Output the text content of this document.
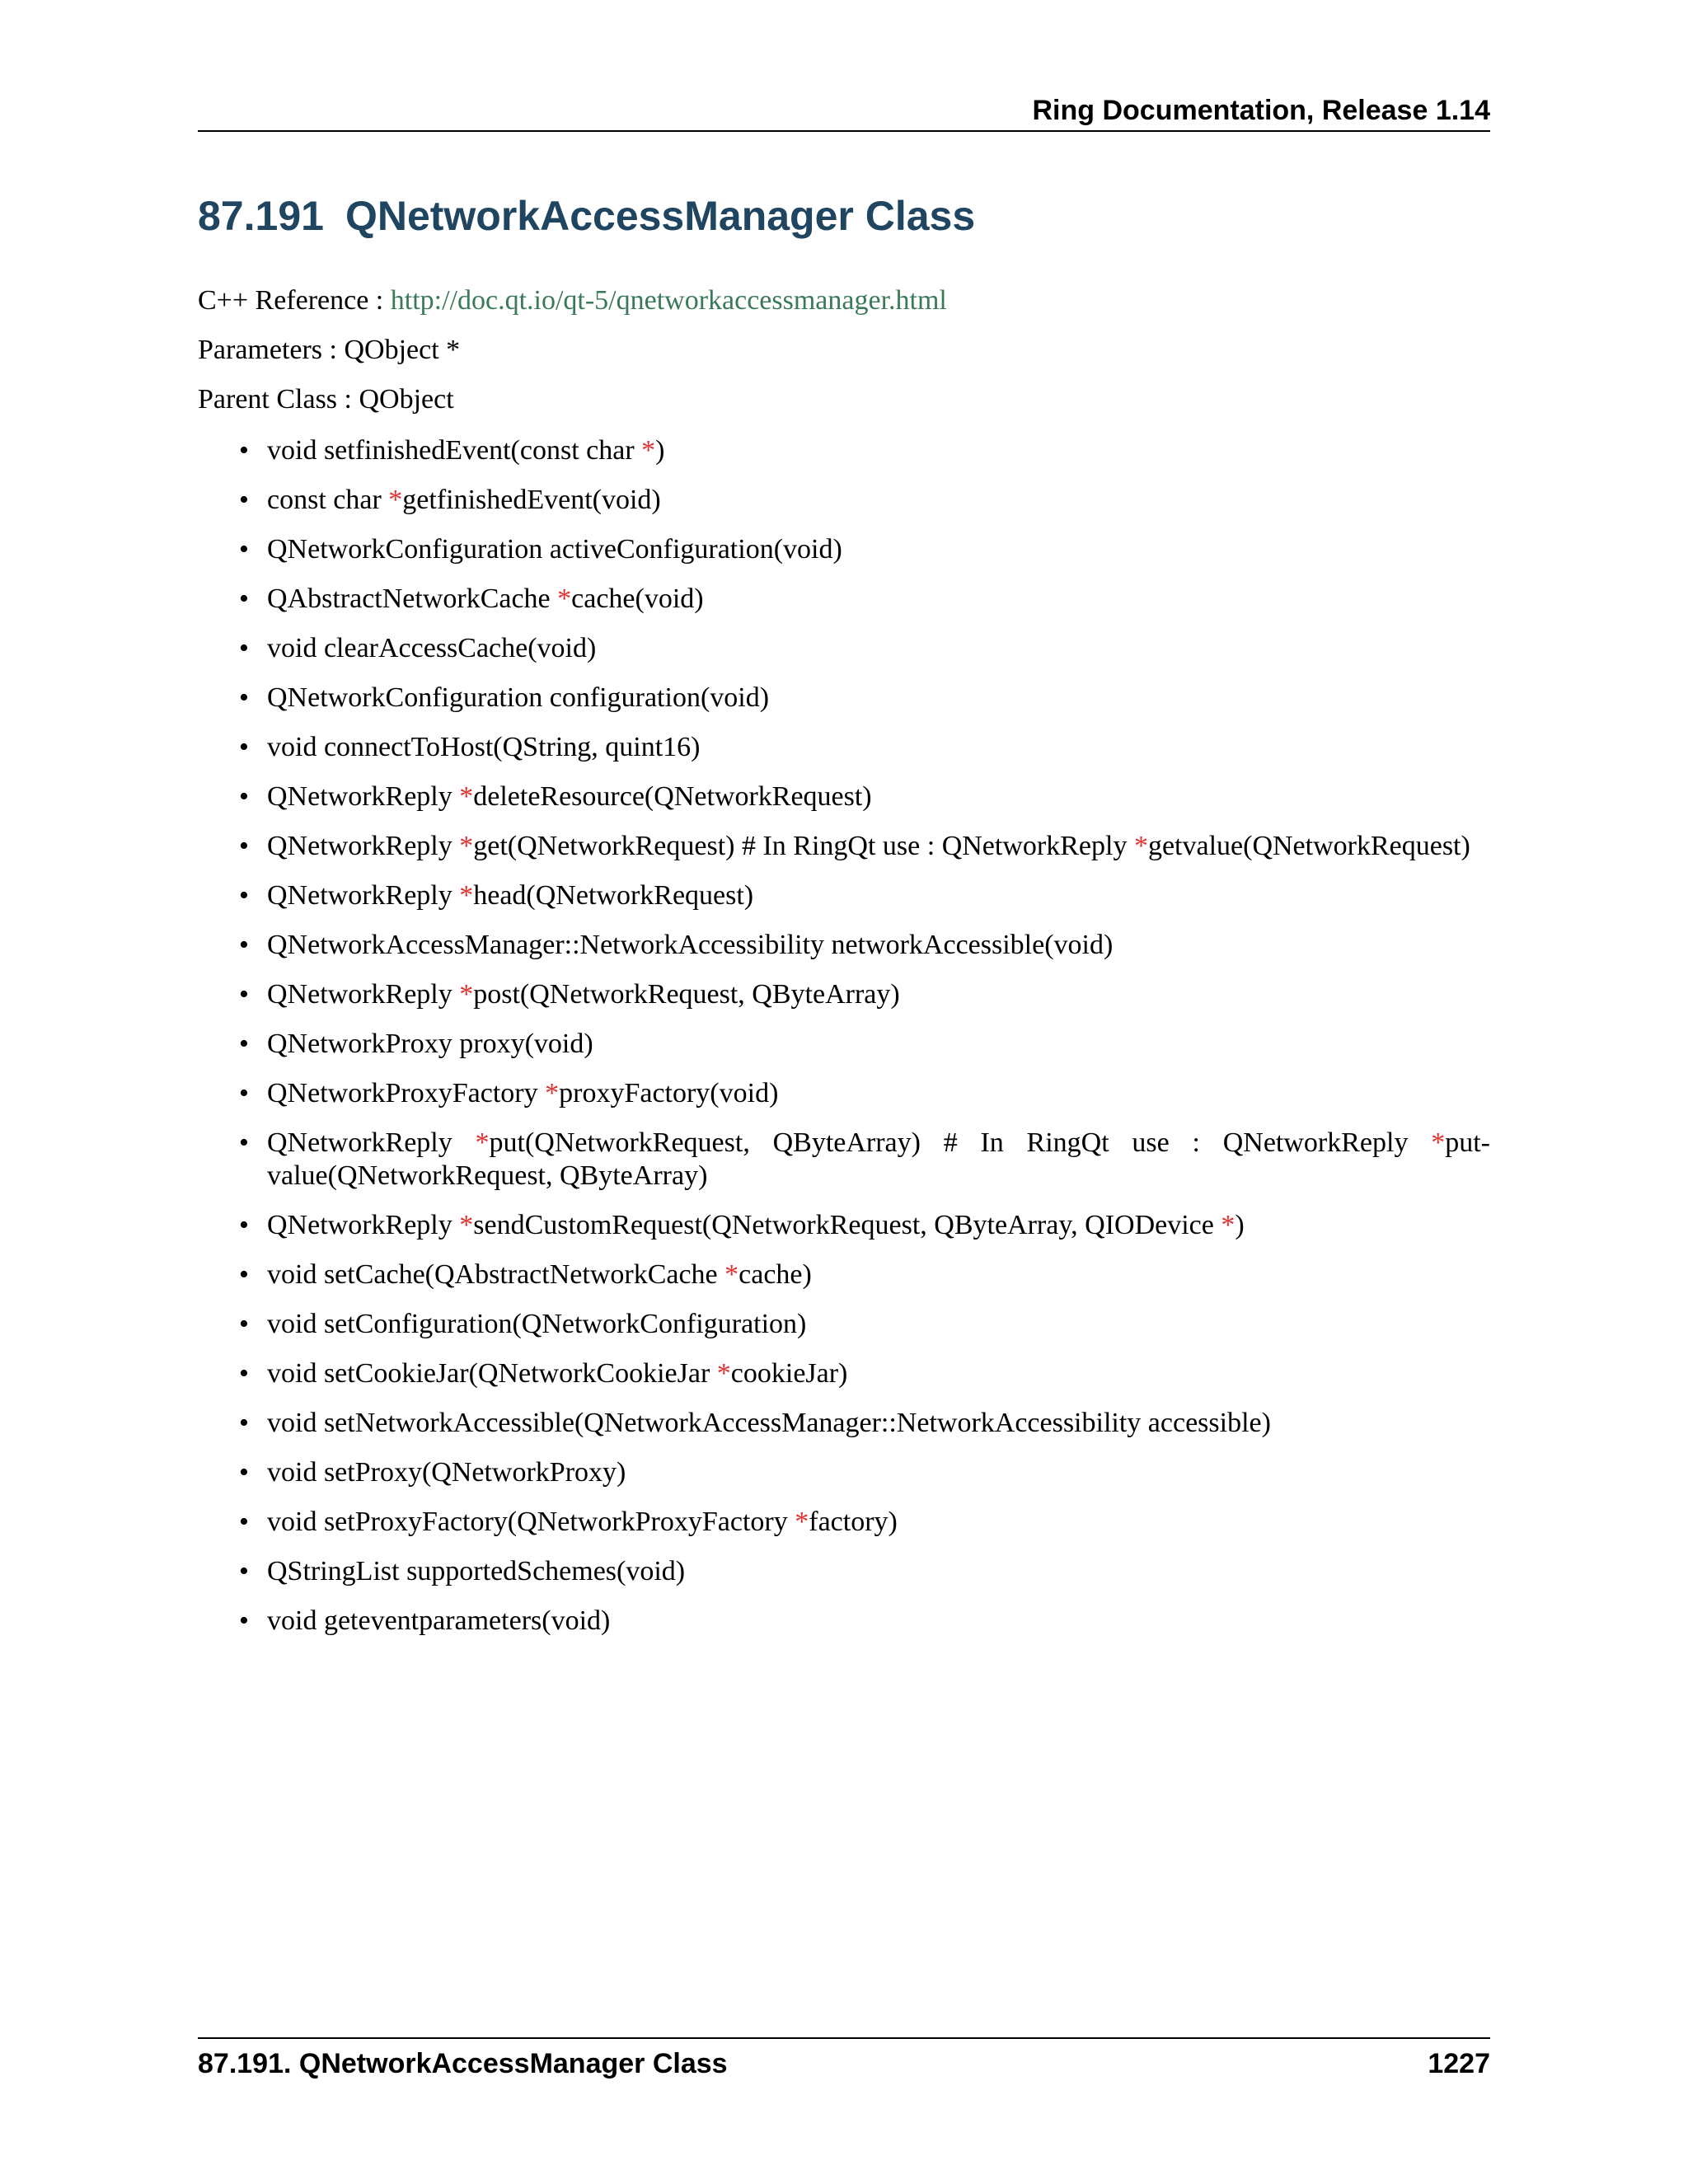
Ring Documentation, Release 1.14
87.191 QNetworkAccessManager Class
C++ Reference : http://doc.qt.io/qt-5/qnetworkaccessmanager.html
Parameters : QObject *
Parent Class : QObject
• void setfinishedEvent(const char *)
• const char *getfinishedEvent(void)
• QNetworkConfiguration activeConfiguration(void)
• QAbstractNetworkCache *cache(void)
• void clearAccessCache(void)
• QNetworkConfiguration configuration(void)
• void connectToHost(QString, quint16)
• QNetworkReply *deleteResource(QNetworkRequest)
• QNetworkReply *get(QNetworkRequest) # In RingQt use : QNetworkReply *getvalue(QNetworkRequest)
• QNetworkReply *head(QNetworkRequest)
• QNetworkAccessManager::NetworkAccessibility networkAccessible(void)
• QNetworkReply *post(QNetworkRequest, QByteArray)
• QNetworkProxy proxy(void)
• QNetworkProxyFactory *proxyFactory(void)
• QNetworkReply *put(QNetworkRequest, QByteArray) # In RingQt use : QNetworkReply *put-value(QNetworkRequest, QByteArray)
• QNetworkReply *sendCustomRequest(QNetworkRequest, QByteArray, QIODevice *)
• void setCache(QAbstractNetworkCache *cache)
• void setConfiguration(QNetworkConfiguration)
• void setCookieJar(QNetworkCookieJar *cookieJar)
• void setNetworkAccessible(QNetworkAccessManager::NetworkAccessibility accessible)
• void setProxy(QNetworkProxy)
• void setProxyFactory(QNetworkProxyFactory *factory)
• QStringList supportedSchemes(void)
• void geteventparameters(void)
87.191. QNetworkAccessManager Class	1227
